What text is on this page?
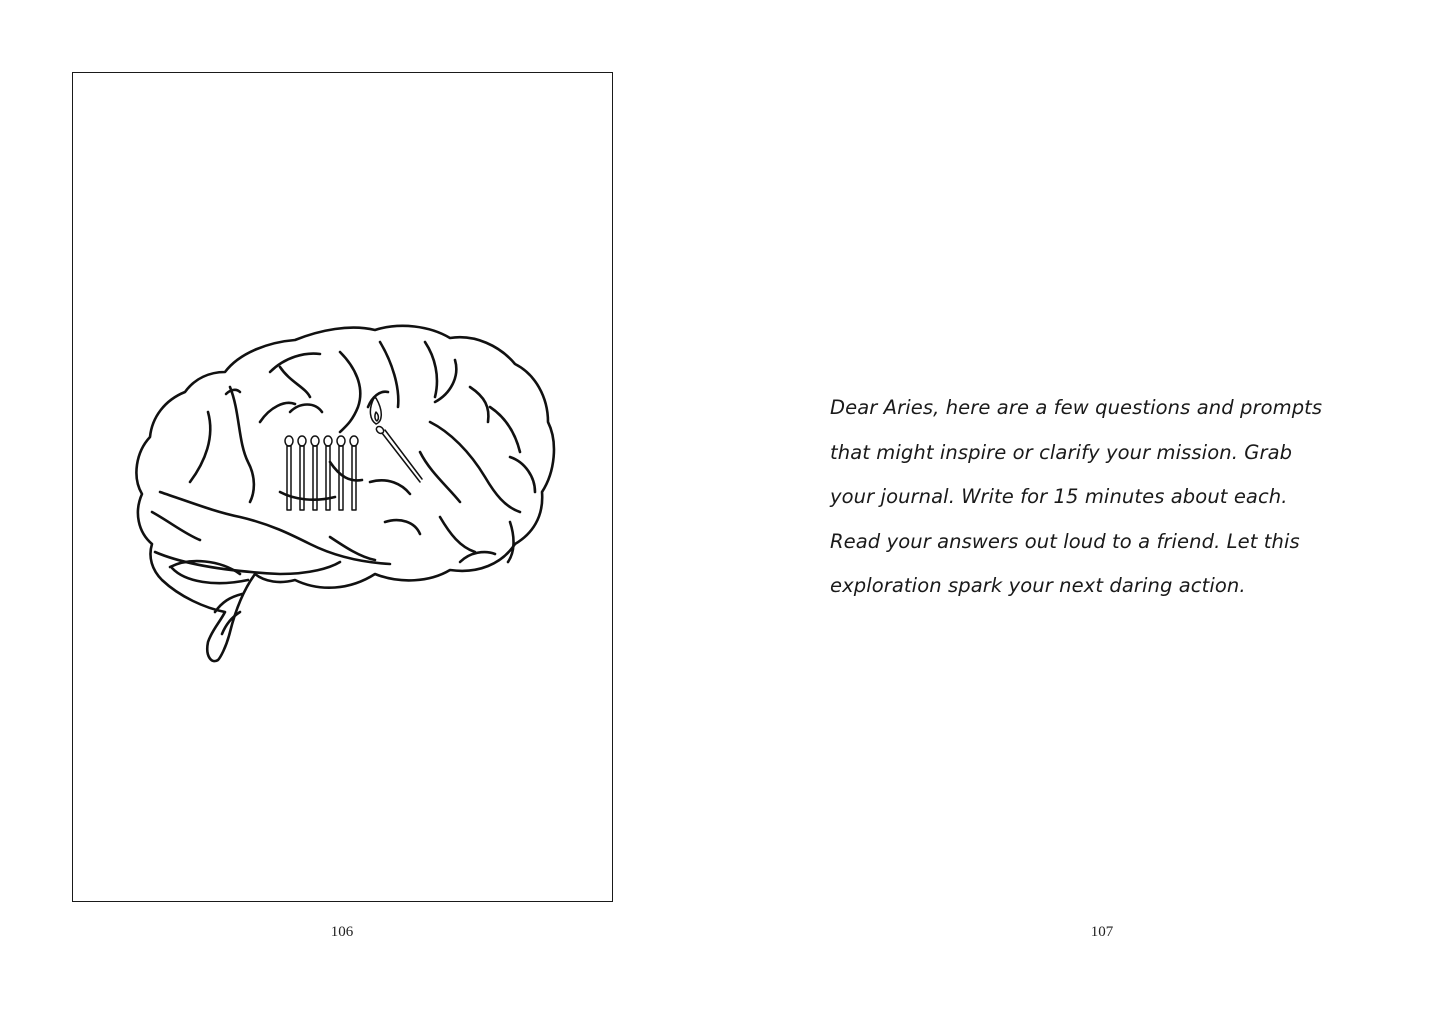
106
Dear Aries, here are a few questions and prompts
that might inspire or clarify your mission. Grab
your journal. Write for 15 minutes about each.
Read your answers out loud to a friend. Let this
exploration spark your next daring action.
107
